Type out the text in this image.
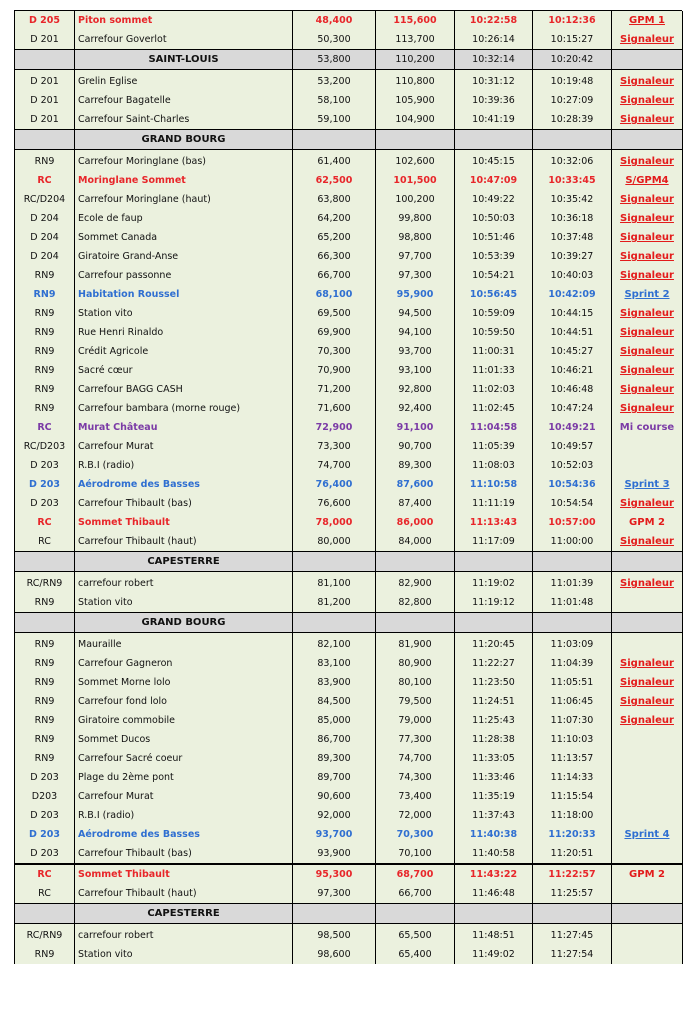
D 205	Piton sommet	48,400	115,600	10:22:58	10:12:36	GPM 1
D 201	Carrefour Goverlot	50,300	113,700	10:26:14	10:15:27	Signaleur
	SAINT-LOUIS	53,800	110,200	10:32:14	10:20:42	

D 201	Grelin Eglise	53,200	110,800	10:31:12	10:19:48	Signaleur
D 201	Carrefour Bagatelle	58,100	105,900	10:39:36	10:27:09	Signaleur
D 201	Carrefour Saint-Charles	59,100	104,900	10:41:19	10:28:39	Signaleur
	GRAND BOURG					

RN9	Carrefour Moringlane (bas)	61,400	102,600	10:45:15	10:32:06	Signaleur
RC	Moringlane Sommet	62,500	101,500	10:47:09	10:33:45	S/GPM4
RC/D204	Carrefour Moringlane (haut)	63,800	100,200	10:49:22	10:35:42	Signaleur
D 204	Ecole de faup	64,200	99,800	10:50:03	10:36:18	Signaleur
D 204	Sommet Canada	65,200	98,800	10:51:46	10:37:48	Signaleur
D 204	Giratoire Grand-Anse	66,300	97,700	10:53:39	10:39:27	Signaleur
RN9	Carrefour passonne	66,700	97,300	10:54:21	10:40:03	Signaleur
RN9	Habitation Roussel	68,100	95,900	10:56:45	10:42:09	Sprint 2
RN9	Station vito	69,500	94,500	10:59:09	10:44:15	Signaleur
RN9	Rue Henri Rinaldo	69,900	94,100	10:59:50	10:44:51	Signaleur
RN9	Crédit Agricole	70,300	93,700	11:00:31	10:45:27	Signaleur
RN9	Sacré cœur	70,900	93,100	11:01:33	10:46:21	Signaleur
RN9	Carrefour BAGG CASH	71,200	92,800	11:02:03	10:46:48	Signaleur
RN9	Carrefour bambara (morne rouge)	71,600	92,400	11:02:45	10:47:24	Signaleur
RC	Murat Château	72,900	91,100	11:04:58	10:49:21	Mi course
RC/D203	Carrefour Murat	73,300	90,700	11:05:39	10:49:57	
D 203	R.B.I (radio)	74,700	89,300	11:08:03	10:52:03	
D 203	Aérodrome des Basses	76,400	87,600	11:10:58	10:54:36	Sprint 3
D 203	Carrefour Thibault (bas)	76,600	87,400	11:11:19	10:54:54	Signaleur
RC	Sommet Thibault	78,000	86,000	11:13:43	10:57:00	GPM 2
RC	Carrefour Thibault (haut)	80,000	84,000	11:17:09	11:00:00	Signaleur
	CAPESTERRE					

RC/RN9	carrefour robert	81,100	82,900	11:19:02	11:01:39	Signaleur
RN9	Station vito	81,200	82,800	11:19:12	11:01:48	
	GRAND BOURG					

RN9	Mauraille	82,100	81,900	11:20:45	11:03:09	
RN9	Carrefour Gagneron	83,100	80,900	11:22:27	11:04:39	Signaleur
RN9	Sommet Morne lolo	83,900	80,100	11:23:50	11:05:51	Signaleur
RN9	Carrefour fond lolo	84,500	79,500	11:24:51	11:06:45	Signaleur
RN9	Giratoire commobile	85,000	79,000	11:25:43	11:07:30	Signaleur
RN9	Sommet Ducos	86,700	77,300	11:28:38	11:10:03	
RN9	Carrefour Sacré coeur	89,300	74,700	11:33:05	11:13:57	
D 203	Plage du 2ème pont	89,700	74,300	11:33:46	11:14:33	
D203	Carrefour Murat	90,600	73,400	11:35:19	11:15:54	
D 203	R.B.I (radio)	92,000	72,000	11:37:43	11:18:00	
D 203	Aérodrome des Basses	93,700	70,300	11:40:38	11:20:33	Sprint 4
D 203	Carrefour Thibault (bas)	93,900	70,100	11:40:58	11:20:51	
RC	Sommet Thibault	95,300	68,700	11:43:22	11:22:57	GPM 2
RC	Carrefour Thibault (haut)	97,300	66,700	11:46:48	11:25:57	
	CAPESTERRE					

RC/RN9	carrefour robert	98,500	65,500	11:48:51	11:27:45	
RN9	Station vito	98,600	65,400	11:49:02	11:27:54	
